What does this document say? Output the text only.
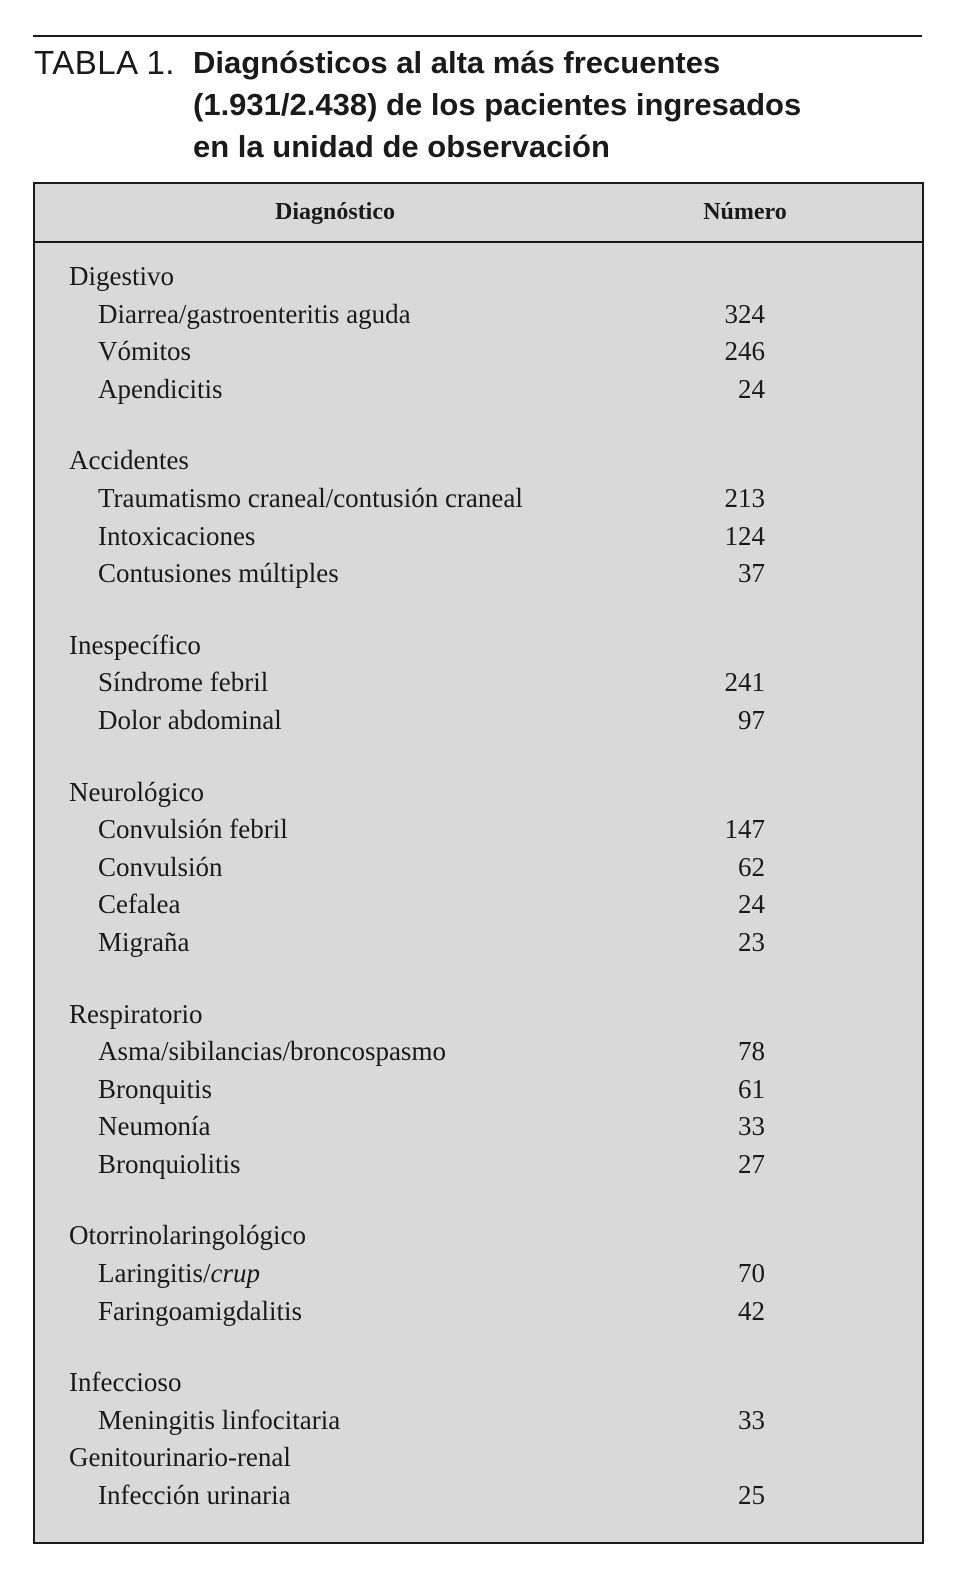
TABLA 1. Diagnósticos al alta más frecuentes
(1.931/2.438) de los pacientes ingresados
en la unidad de observación
Diagnóstico	Número
Digestivo
Diarrea/gastroenteritis aguda	324
Vómitos	246
Apendicitis	24
Accidentes
Traumatismo craneal/contusión craneal	213
Intoxicaciones	124
Contusiones múltiples	37
Inespecífico
Síndrome febril	241
Dolor abdominal	97
Neurológico
Convulsión febril	147
Convulsión	62
Cefalea	24
Migraña	23
Respiratorio
Asma/sibilancias/broncospasmo	78
Bronquitis	61
Neumonía	33
Bronquiolitis	27
Otorrinolaringológico
Laringitis/crup	70
Faringoamigdalitis	42
Infeccioso
Meningitis linfocitaria	33
Genitourinario-renal
Infección urinaria	25
